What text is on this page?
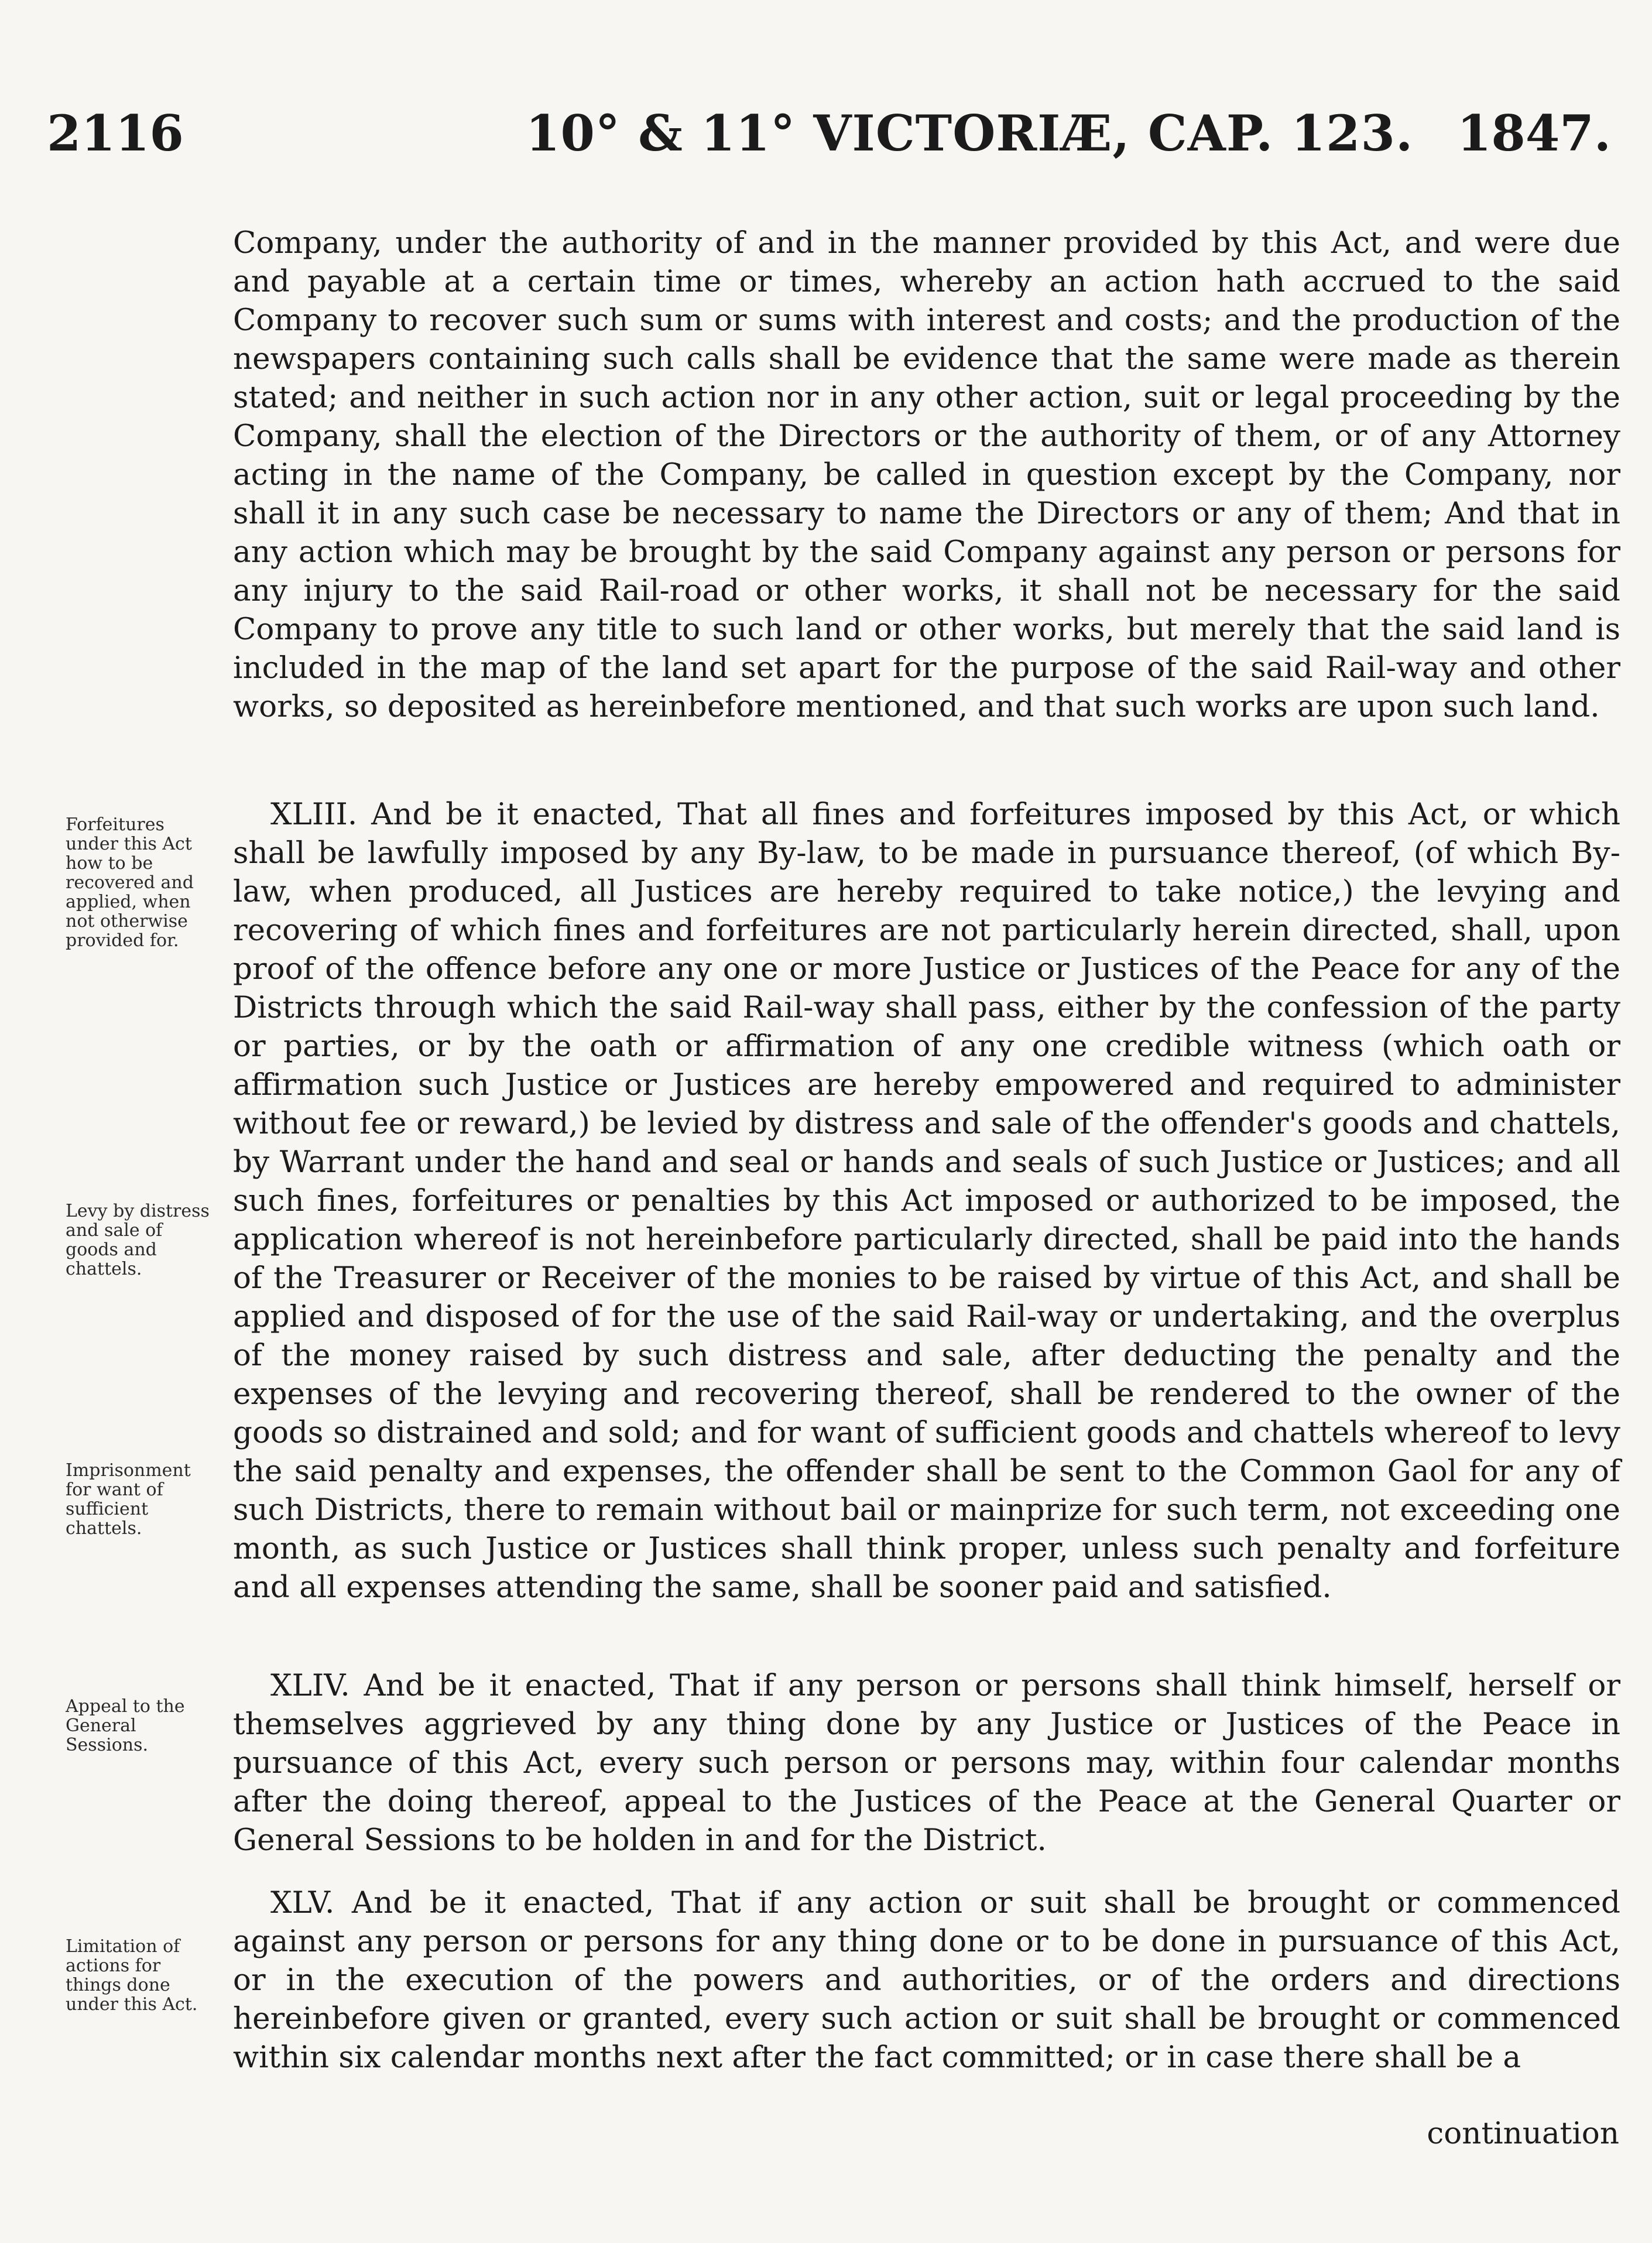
2116	10° & 11° VICTORIÆ, CAP. 123. 1847.

Company, under the authority of and in the manner provided by this Act, and were due and payable at a certain time or times, whereby an action hath accrued to the said Company to recover such sum or sums with interest and costs; and the production of the newspapers containing such calls shall be evidence that the same were made as therein stated; and neither in such action nor in any other action, suit or legal proceeding by the Company, shall the election of the Directors or the authority of them, or of any Attorney acting in the name of the Company, be called in question except by the Company, nor shall it in any such case be necessary to name the Directors or any of them; And that in any action which may be brought by the said Company against any person or persons for any injury to the said Rail-road or other works, it shall not be necessary for the said Company to prove any title to such land or other works, but merely that the said land is included in the map of the land set apart for the purpose of the said Rail-way and other works, so deposited as hereinbefore mentioned, and that such works are upon such land.

XLIII. And be it enacted, That all fines and forfeitures imposed by this Act, or which shall be lawfully imposed by any By-law, to be made in pursuance thereof, (of which By-law, when produced, all Justices are hereby required to take notice,) the levying and recovering of which fines and forfeitures are not particularly herein directed, shall, upon proof of the offence before any one or more Justice or Justices of the Peace for any of the Districts through which the said Rail-way shall pass, either by the confession of the party or parties, or by the oath or affirmation of any one credible witness (which oath or affirmation such Justice or Justices are hereby empowered and required to administer without fee or reward,) be levied by distress and sale of the offender's goods and chattels, by Warrant under the hand and seal or hands and seals of such Justice or Justices; and all such fines, forfeitures or penalties by this Act imposed or authorized to be imposed, the application whereof is not hereinbefore particularly directed, shall be paid into the hands of the Treasurer or Receiver of the monies to be raised by virtue of this Act, and shall be applied and disposed of for the use of the said Rail-way or undertaking, and the overplus of the money raised by such distress and sale, after deducting the penalty and the expenses of the levying and recovering thereof, shall be rendered to the owner of the goods so distrained and sold; and for want of sufficient goods and chattels whereof to levy the said penalty and expenses, the offender shall be sent to the Common Gaol for any of such Districts, there to remain without bail or mainprize for such term, not exceeding one month, as such Justice or Justices shall think proper, unless such penalty and forfeiture and all expenses attending the same, shall be sooner paid and satisfied.

XLIV. And be it enacted, That if any person or persons shall think himself, herself or themselves aggrieved by any thing done by any Justice or Justices of the Peace in pursuance of this Act, every such person or persons may, within four calendar months after the doing thereof, appeal to the Justices of the Peace at the General Quarter or General Sessions to be holden in and for the District.

XLV. And be it enacted, That if any action or suit shall be brought or commenced against any person or persons for any thing done or to be done in pursuance of this Act, or in the execution of the powers and authorities, or of the orders and directions hereinbefore given or granted, every such action or suit shall be brought or commenced within six calendar months next after the fact committed; or in case there shall be a

continuation

Forfeitures under this Act how to be recovered and applied, when not otherwise provided for.

Levy by distress and sale of goods and chattels.

Imprisonment for want of sufficient chattels.

Appeal to the General Sessions.

Limitation of actions for things done under this Act.
